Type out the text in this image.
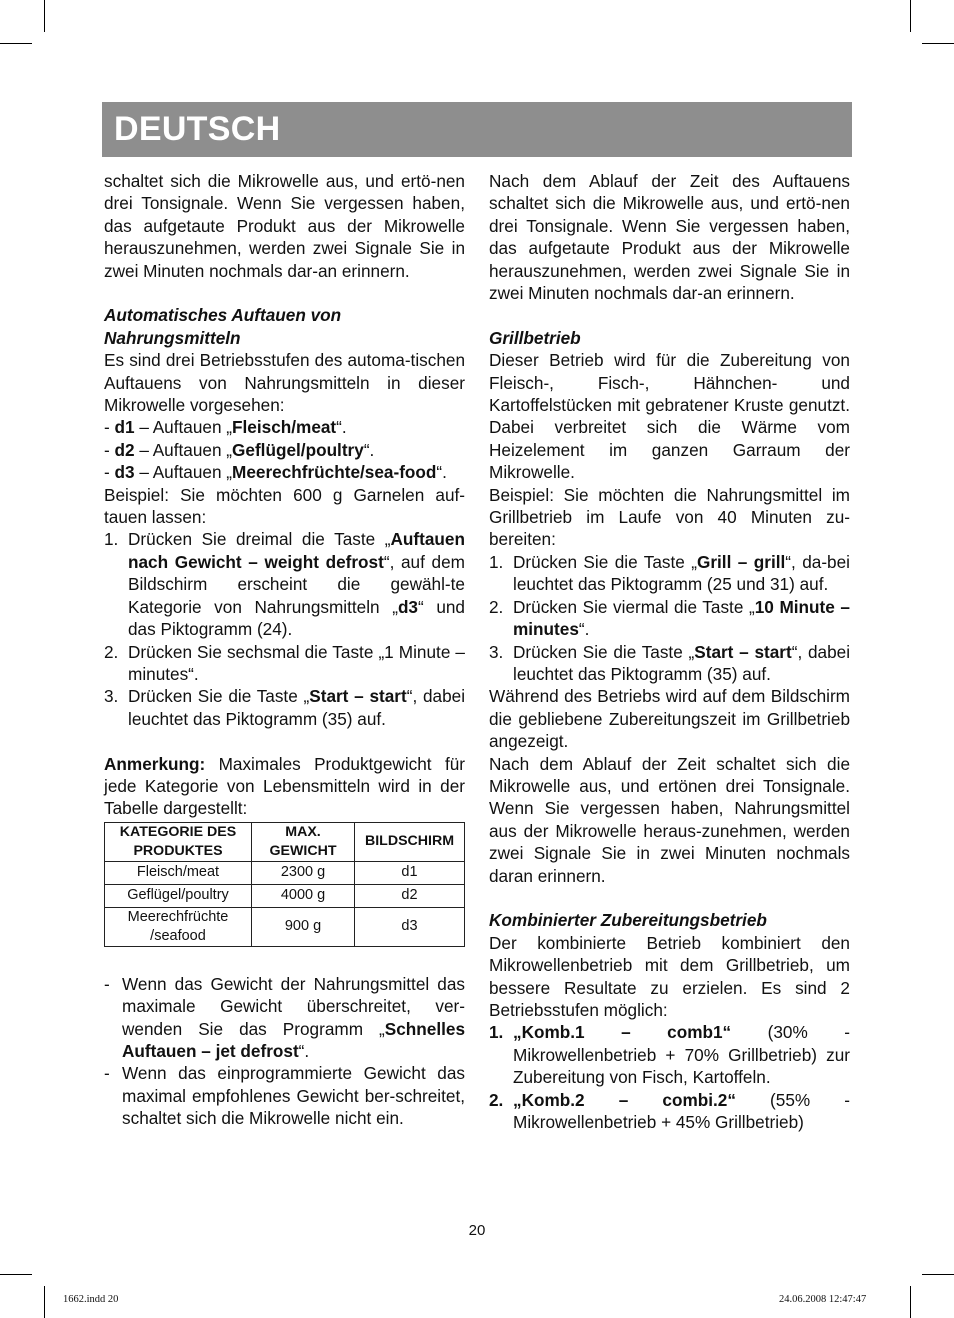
DEUTSCH

schaltet sich die Mikrowelle aus, und ertö-nen drei Tonsignale. Wenn Sie vergessen haben, das aufgetaute Produkt aus der Mikrowelle herauszunehmen, werden zwei Signale Sie in zwei Minuten nochmals dar-an erinnern.

Automatisches Auftauen von Nahrungsmitteln

Es sind drei Betriebsstufen des automa-tischen Auftauens von Nahrungsmitteln in dieser Mikrowelle vorgesehen:

- d1 – Auftauen „Fleisch/meat“.

- d2 – Auftauen „Geflügel/poultry“.

- d3 – Auftauen „Meerechfrüchte/sea-food“.

Beispiel: Sie möchten 600 g Garnelen auf-tauen lassen:

1. Drücken Sie dreimal die Taste „Auftauen nach Gewicht – weight defrost“, auf dem Bildschirm erscheint die gewähl-te Kategorie von Nahrungsmitteln „d3“ und das Piktogramm (24).
2. Drücken Sie sechsmal die Taste „1 Minute – minutes“.
3. Drücken Sie die Taste „Start – start“, dabei leuchtet das Piktogramm (35) auf.

Anmerkung: Maximales Produktgewicht für jede Kategorie von Lebensmitteln wird in der Tabelle dargestellt:

KATEGORIE DES PRODUKTES	MAX. GEWICHT	BILDSCHIRM
Fleisch/meat	2300 g	d1
Geflügel/poultry	4000 g	d2
Meerechfrüchte /seafood	900 g	d3
- Wenn das Gewicht der Nahrungsmittel das maximale Gewicht überschreitet, ver-wenden Sie das Programm „Schnelles Auftauen – jet defrost“.
- Wenn das einprogrammierte Gewicht das maximal empfohlenes Gewicht ber-schreitet, schaltet sich die Mikrowelle nicht ein.

Nach dem Ablauf der Zeit des Auftauens schaltet sich die Mikrowelle aus, und ertö-nen drei Tonsignale. Wenn Sie vergessen haben, das aufgetaute Produkt aus der Mikrowelle herauszunehmen, werden zwei Signale Sie in zwei Minuten nochmals dar-an erinnern.

Grillbetrieb

Dieser Betrieb wird für die Zubereitung von Fleisch-, Fisch-, Hähnchen- und Kartoffelstücken mit gebratener Kruste genutzt. Dabei verbreitet sich die Wärme vom Heizelement im ganzen Garraum der Mikrowelle.

Beispiel: Sie möchten die Nahrungsmittel im Grillbetrieb im Laufe von 40 Minuten zu-bereiten:

1. Drücken Sie die Taste „Grill – grill“, da-bei leuchtet das Piktogramm (25 und 31) auf.
2. Drücken Sie viermal die Taste „10 Minute – minutes“.
3. Drücken Sie die Taste „Start – start“, dabei leuchtet das Piktogramm (35) auf.

Während des Betriebs wird auf dem Bildschirm die gebliebene Zubereitungszeit im Grillbetrieb angezeigt.

Nach dem Ablauf der Zeit schaltet sich die Mikrowelle aus, und ertönen drei Tonsignale. Wenn Sie vergessen haben, Nahrungsmittel aus der Mikrowelle heraus-zunehmen, werden zwei Signale Sie in zwei Minuten nochmals daran erinnern.

Kombinierter Zubereitungsbetrieb

Der kombinierte Betrieb kombiniert den Mikrowellenbetrieb mit dem Grillbetrieb, um bessere Resultate zu erzielen. Es sind 2 Betriebsstufen möglich:

1. „Komb.1 – comb1“ (30% - Mikrowellenbetrieb + 70% Grillbetrieb) zur Zubereitung von Fisch, Kartoffeln.
2. „Komb.2 – combi.2“ (55% - Mikrowellenbetrieb + 45% Grillbetrieb)
20
1662.indd 20	24.06.2008 12:47:47
